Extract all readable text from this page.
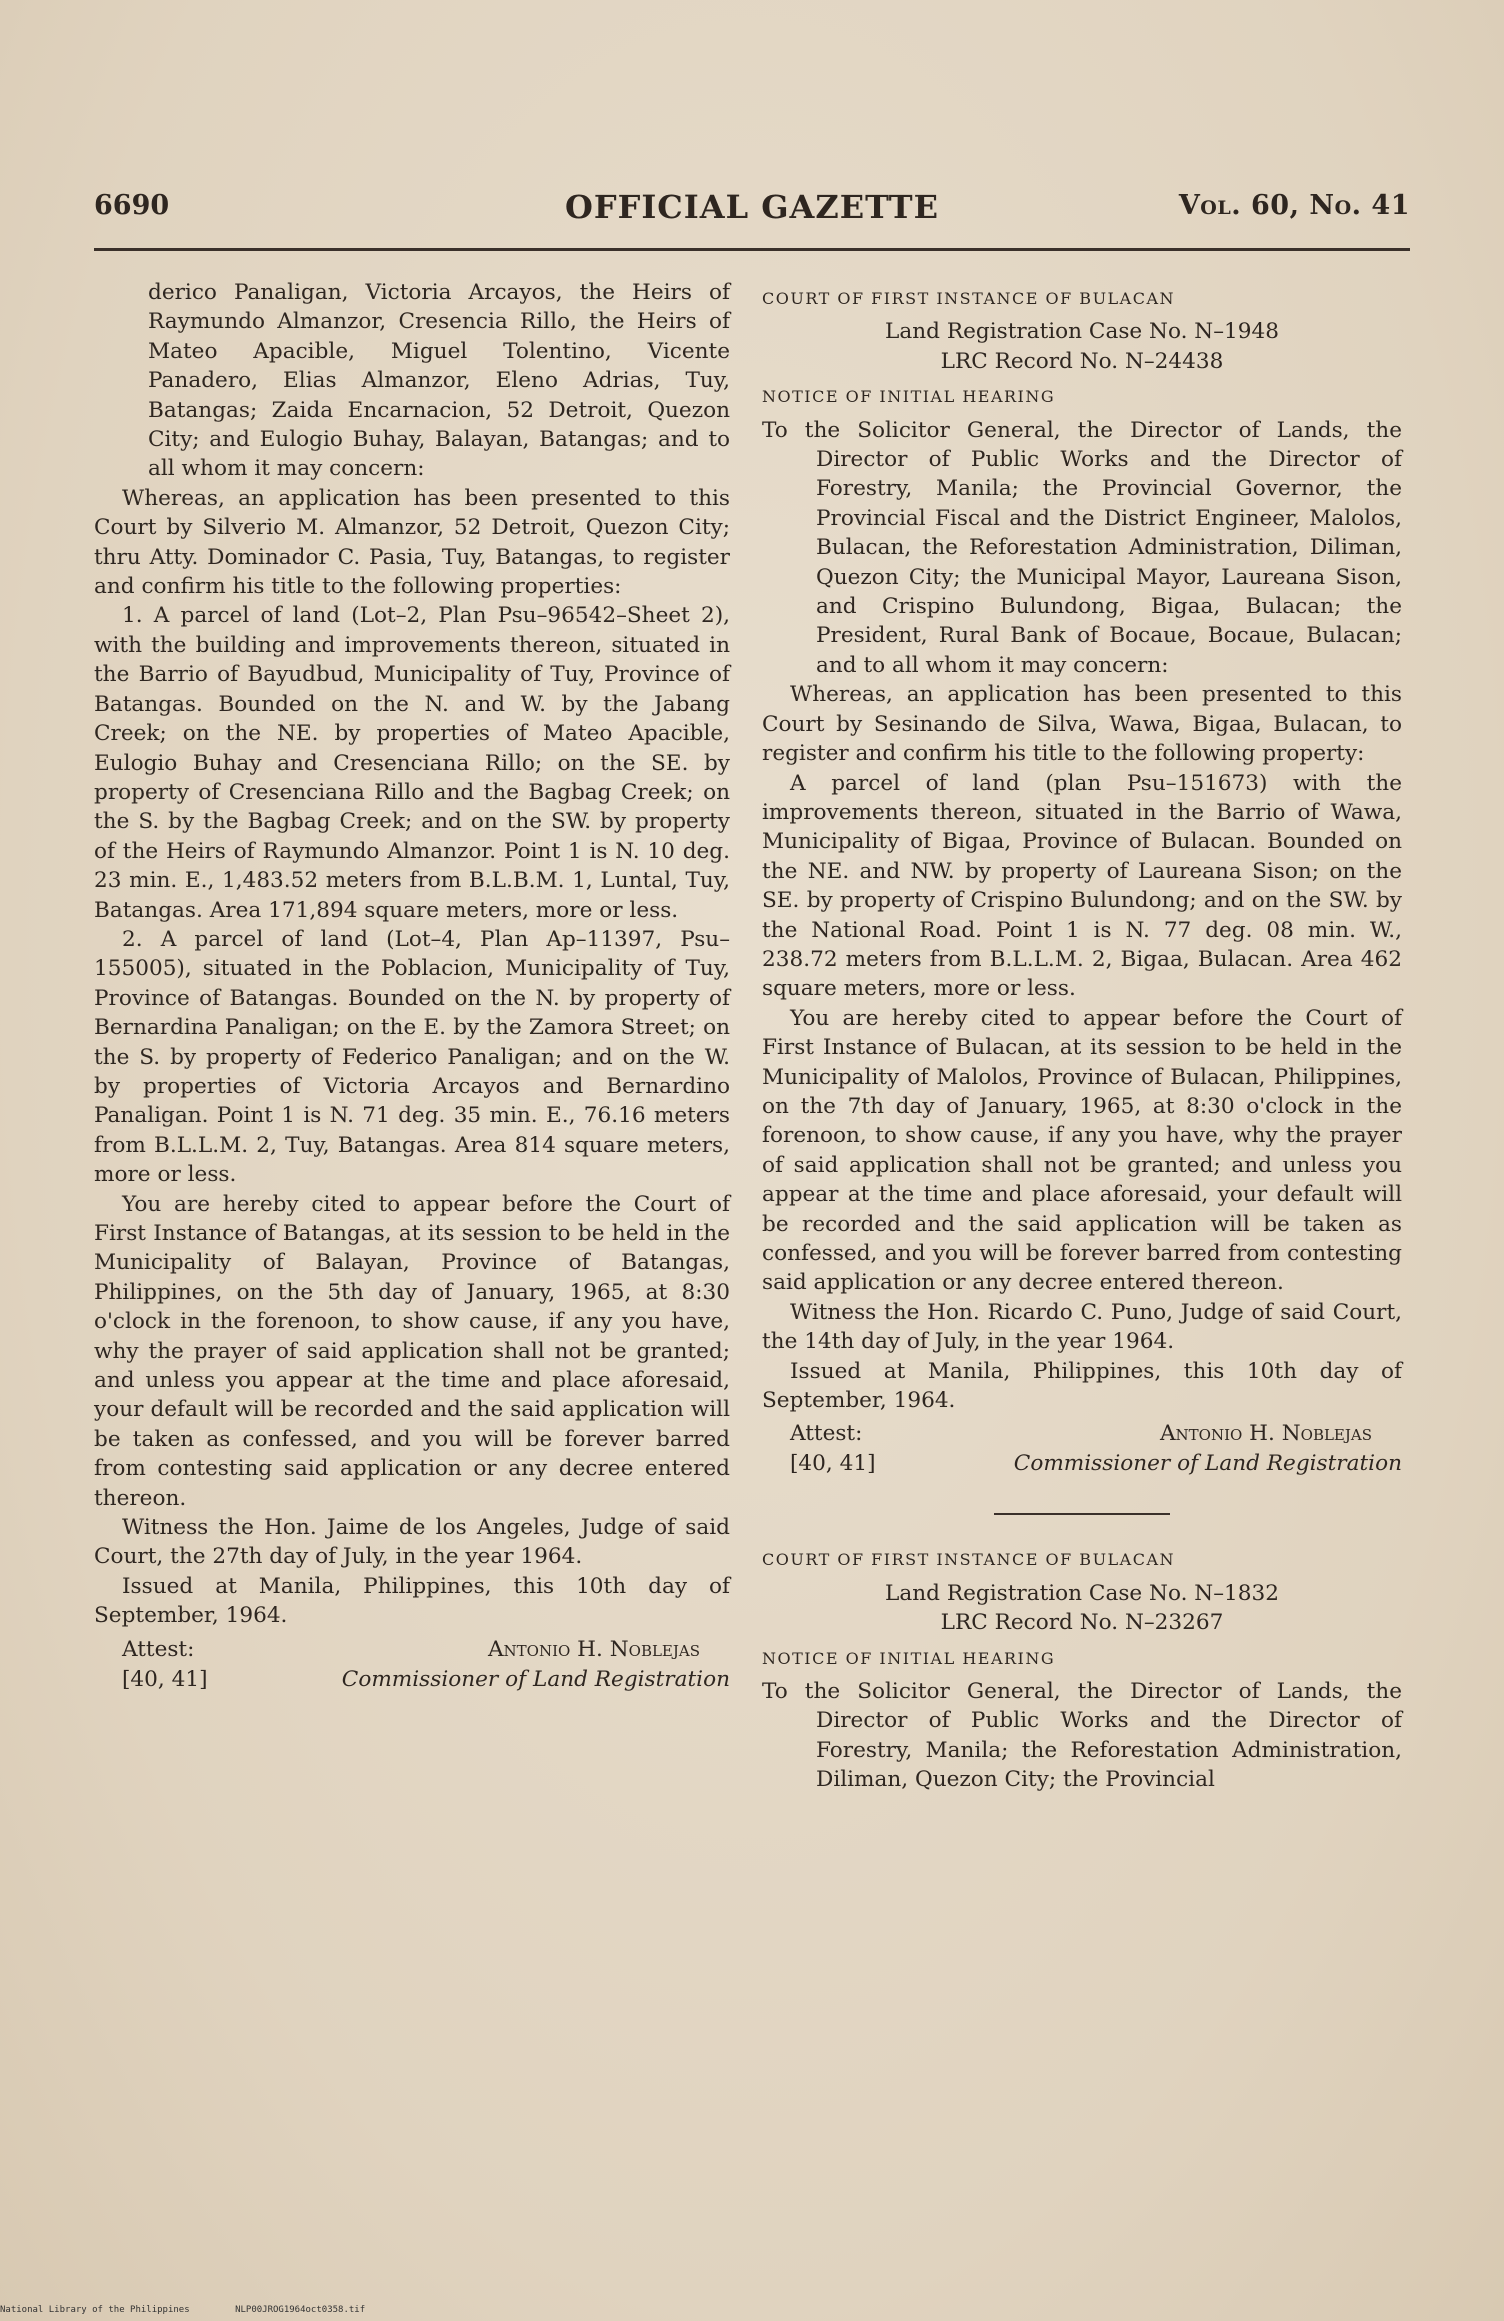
6690	OFFICIAL GAZETTE	Vol. 60, No. 41

derico Panaligan, Victoria Arcayos, the Heirs of Raymundo Almanzor, Cresencia Rillo, the Heirs of Mateo Apacible, Miguel Tolentino, Vicente Panadero, Elias Almanzor, Eleno Adrias, Tuy, Batangas; Zaida Encarnacion, 52 Detroit, Quezon City; and Eulogio Buhay, Balayan, Batangas; and to all whom it may concern:

Whereas, an application has been presented to this Court by Silverio M. Almanzor, 52 Detroit, Quezon City; thru Atty. Dominador C. Pasia, Tuy, Batangas, to register and confirm his title to the following properties:

1. A parcel of land (Lot–2, Plan Psu–96542–Sheet 2), with the building and improvements thereon, situated in the Barrio of Bayudbud, Municipality of Tuy, Province of Batangas. Bounded on the N. and W. by the Jabang Creek; on the NE. by properties of Mateo Apacible, Eulogio Buhay and Cresenciana Rillo; on the SE. by property of Cresenciana Rillo and the Bagbag Creek; on the S. by the Bagbag Creek; and on the SW. by property of the Heirs of Raymundo Almanzor. Point 1 is N. 10 deg. 23 min. E., 1,483.52 meters from B.L.B.M. 1, Luntal, Tuy, Batangas. Area 171,894 square meters, more or less.

2. A parcel of land (Lot–4, Plan Ap–11397, Psu–155005), situated in the Poblacion, Municipality of Tuy, Province of Batangas. Bounded on the N. by property of Bernardina Panaligan; on the E. by the Zamora Street; on the S. by property of Federico Panaligan; and on the W. by properties of Victoria Arcayos and Bernardino Panaligan. Point 1 is N. 71 deg. 35 min. E., 76.16 meters from B.L.L.M. 2, Tuy, Batangas. Area 814 square meters, more or less.

You are hereby cited to appear before the Court of First Instance of Batangas, at its session to be held in the Municipality of Balayan, Province of Batangas, Philippines, on the 5th day of January, 1965, at 8:30 o'clock in the forenoon, to show cause, if any you have, why the prayer of said application shall not be granted; and unless you appear at the time and place aforesaid, your default will be recorded and the said application will be taken as confessed, and you will be forever barred from contesting said application or any decree entered thereon.

Witness the Hon. Jaime de los Angeles, Judge of said Court, the 27th day of July, in the year 1964.

Issued at Manila, Philippines, this 10th day of September, 1964.

Attest:	Antonio H. Noblejas
[40, 41]	Commissioner of Land Registration

COURT OF FIRST INSTANCE OF BULACAN

Land Registration Case No. N–1948

LRC Record No. N–24438

NOTICE OF INITIAL HEARING

To the Solicitor General, the Director of Lands, the Director of Public Works and the Director of Forestry, Manila; the Provincial Governor, the Provincial Fiscal and the District Engineer, Malolos, Bulacan, the Reforestation Administration, Diliman, Quezon City; the Municipal Mayor, Laureana Sison, and Crispino Bulundong, Bigaa, Bulacan; the President, Rural Bank of Bocaue, Bocaue, Bulacan; and to all whom it may concern:

Whereas, an application has been presented to this Court by Sesinando de Silva, Wawa, Bigaa, Bulacan, to register and confirm his title to the following property:

A parcel of land (plan Psu–151673) with the improvements thereon, situated in the Barrio of Wawa, Municipality of Bigaa, Province of Bulacan. Bounded on the NE. and NW. by property of Laureana Sison; on the SE. by property of Crispino Bulundong; and on the SW. by the National Road. Point 1 is N. 77 deg. 08 min. W., 238.72 meters from B.L.L.M. 2, Bigaa, Bulacan. Area 462 square meters, more or less.

You are hereby cited to appear before the Court of First Instance of Bulacan, at its session to be held in the Municipality of Malolos, Province of Bulacan, Philippines, on the 7th day of January, 1965, at 8:30 o'clock in the forenoon, to show cause, if any you have, why the prayer of said application shall not be granted; and unless you appear at the time and place aforesaid, your default will be recorded and the said application will be taken as confessed, and you will be forever barred from contesting said application or any decree entered thereon.

Witness the Hon. Ricardo C. Puno, Judge of said Court, the 14th day of July, in the year 1964.

Issued at Manila, Philippines, this 10th day of September, 1964.

Attest:	Antonio H. Noblejas
[40, 41]	Commissioner of Land Registration

COURT OF FIRST INSTANCE OF BULACAN

Land Registration Case No. N–1832

LRC Record No. N–23267

NOTICE OF INITIAL HEARING

To the Solicitor General, the Director of Lands, the Director of Public Works and the Director of Forestry, Manila; the Reforestation Administration, Diliman, Quezon City; the Provincial

National Library of the Philippines	NLP00JROG1964oct0358.tif
